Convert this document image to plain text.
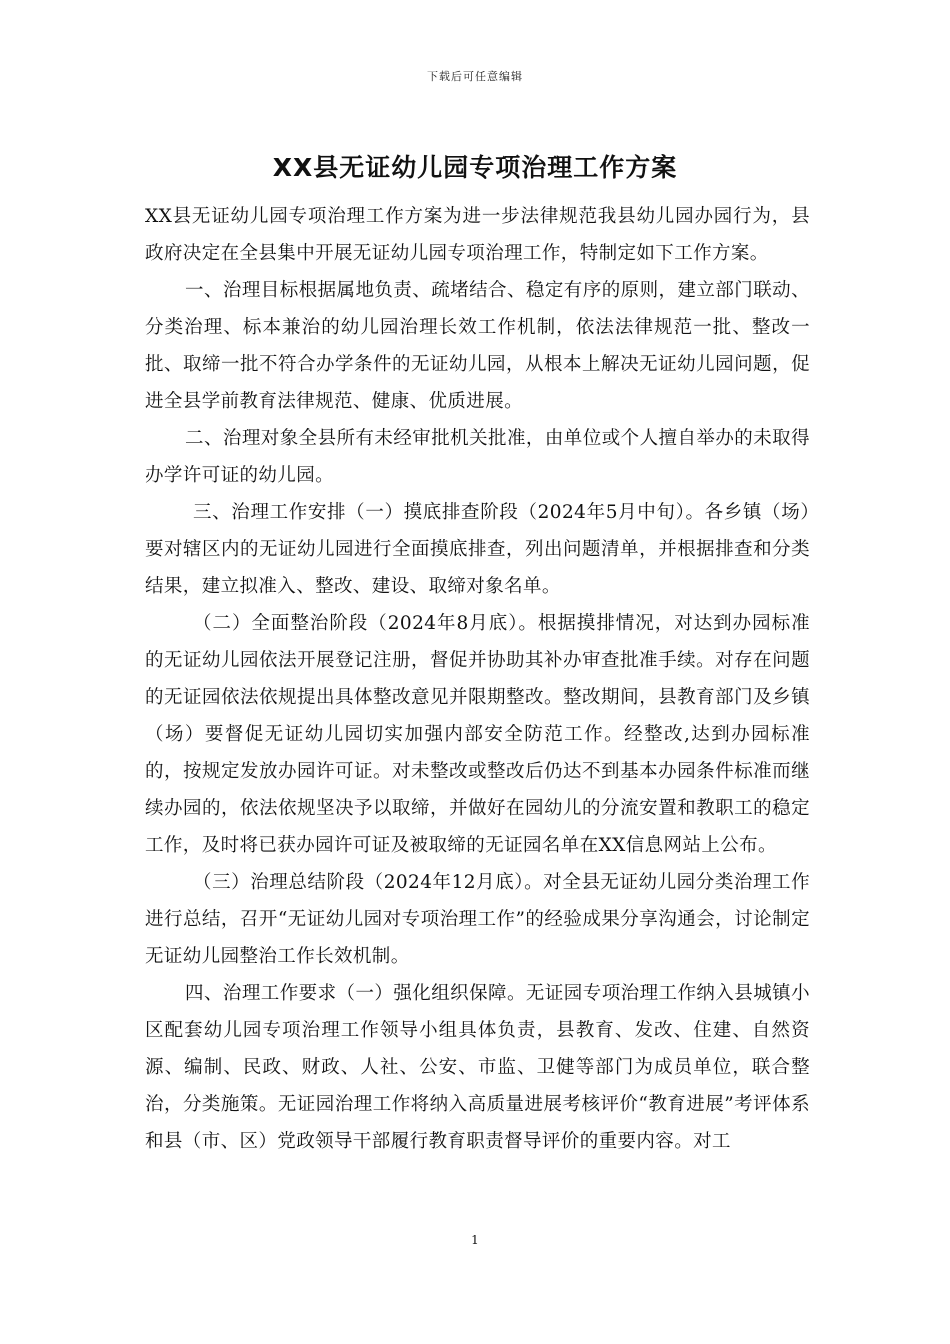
下载后可任意编辑
XX县无证幼儿园专项治理工作方案

XX县无证幼儿园专项治理工作方案为进一步法律规范我县幼儿园办园行为，县政府决定在全县集中开展无证幼儿园专项治理工作，特制定如下工作方案。

一、治理目标根据属地负责、疏堵结合、稳定有序的原则，建立部门联动、分类治理、标本兼治的幼儿园治理长效工作机制，依法法律规范一批、整改一批、取缔一批不符合办学条件的无证幼儿园，从根本上解决无证幼儿园问题，促进全县学前教育法律规范、健康、优质进展。

二、治理对象全县所有未经审批机关批准，由单位或个人擅自举办的未取得办学许可证的幼儿园。

三、治理工作安排（一）摸底排查阶段（2024年5月中旬）。各乡镇（场）要对辖区内的无证幼儿园进行全面摸底排查，列出问题清单，并根据排查和分类结果，建立拟准入、整改、建设、取缔对象名单。

（二）全面整治阶段（2024年8月底）。根据摸排情况，对达到办园标准的无证幼儿园依法开展登记注册，督促并协助其补办审查批准手续。对存在问题的无证园依法依规提出具体整改意见并限期整改。整改期间，县教育部门及乡镇（场）要督促无证幼儿园切实加强内部安全防范工作。经整改,达到办园标准的，按规定发放办园许可证。对未整改或整改后仍达不到基本办园条件标准而继续办园的，依法依规坚决予以取缔，并做好在园幼儿的分流安置和教职工的稳定工作，及时将已获办园许可证及被取缔的无证园名单在XX信息网站上公布。

（三）治理总结阶段（2024年12月底）。对全县无证幼儿园分类治理工作进行总结，召开“无证幼儿园对专项治理工作”的经验成果分享沟通会，讨论制定无证幼儿园整治工作长效机制。

四、治理工作要求（一）强化组织保障。无证园专项治理工作纳入县城镇小区配套幼儿园专项治理工作领导小组具体负责，县教育、发改、住建、自然资源、编制、民政、财政、人社、公安、市监、卫健等部门为成员单位，联合整治，分类施策。无证园治理工作将纳入高质量进展考核评价“教育进展”考评体系和县（市、区）党政领导干部履行教育职责督导评价的重要内容。对工

1
